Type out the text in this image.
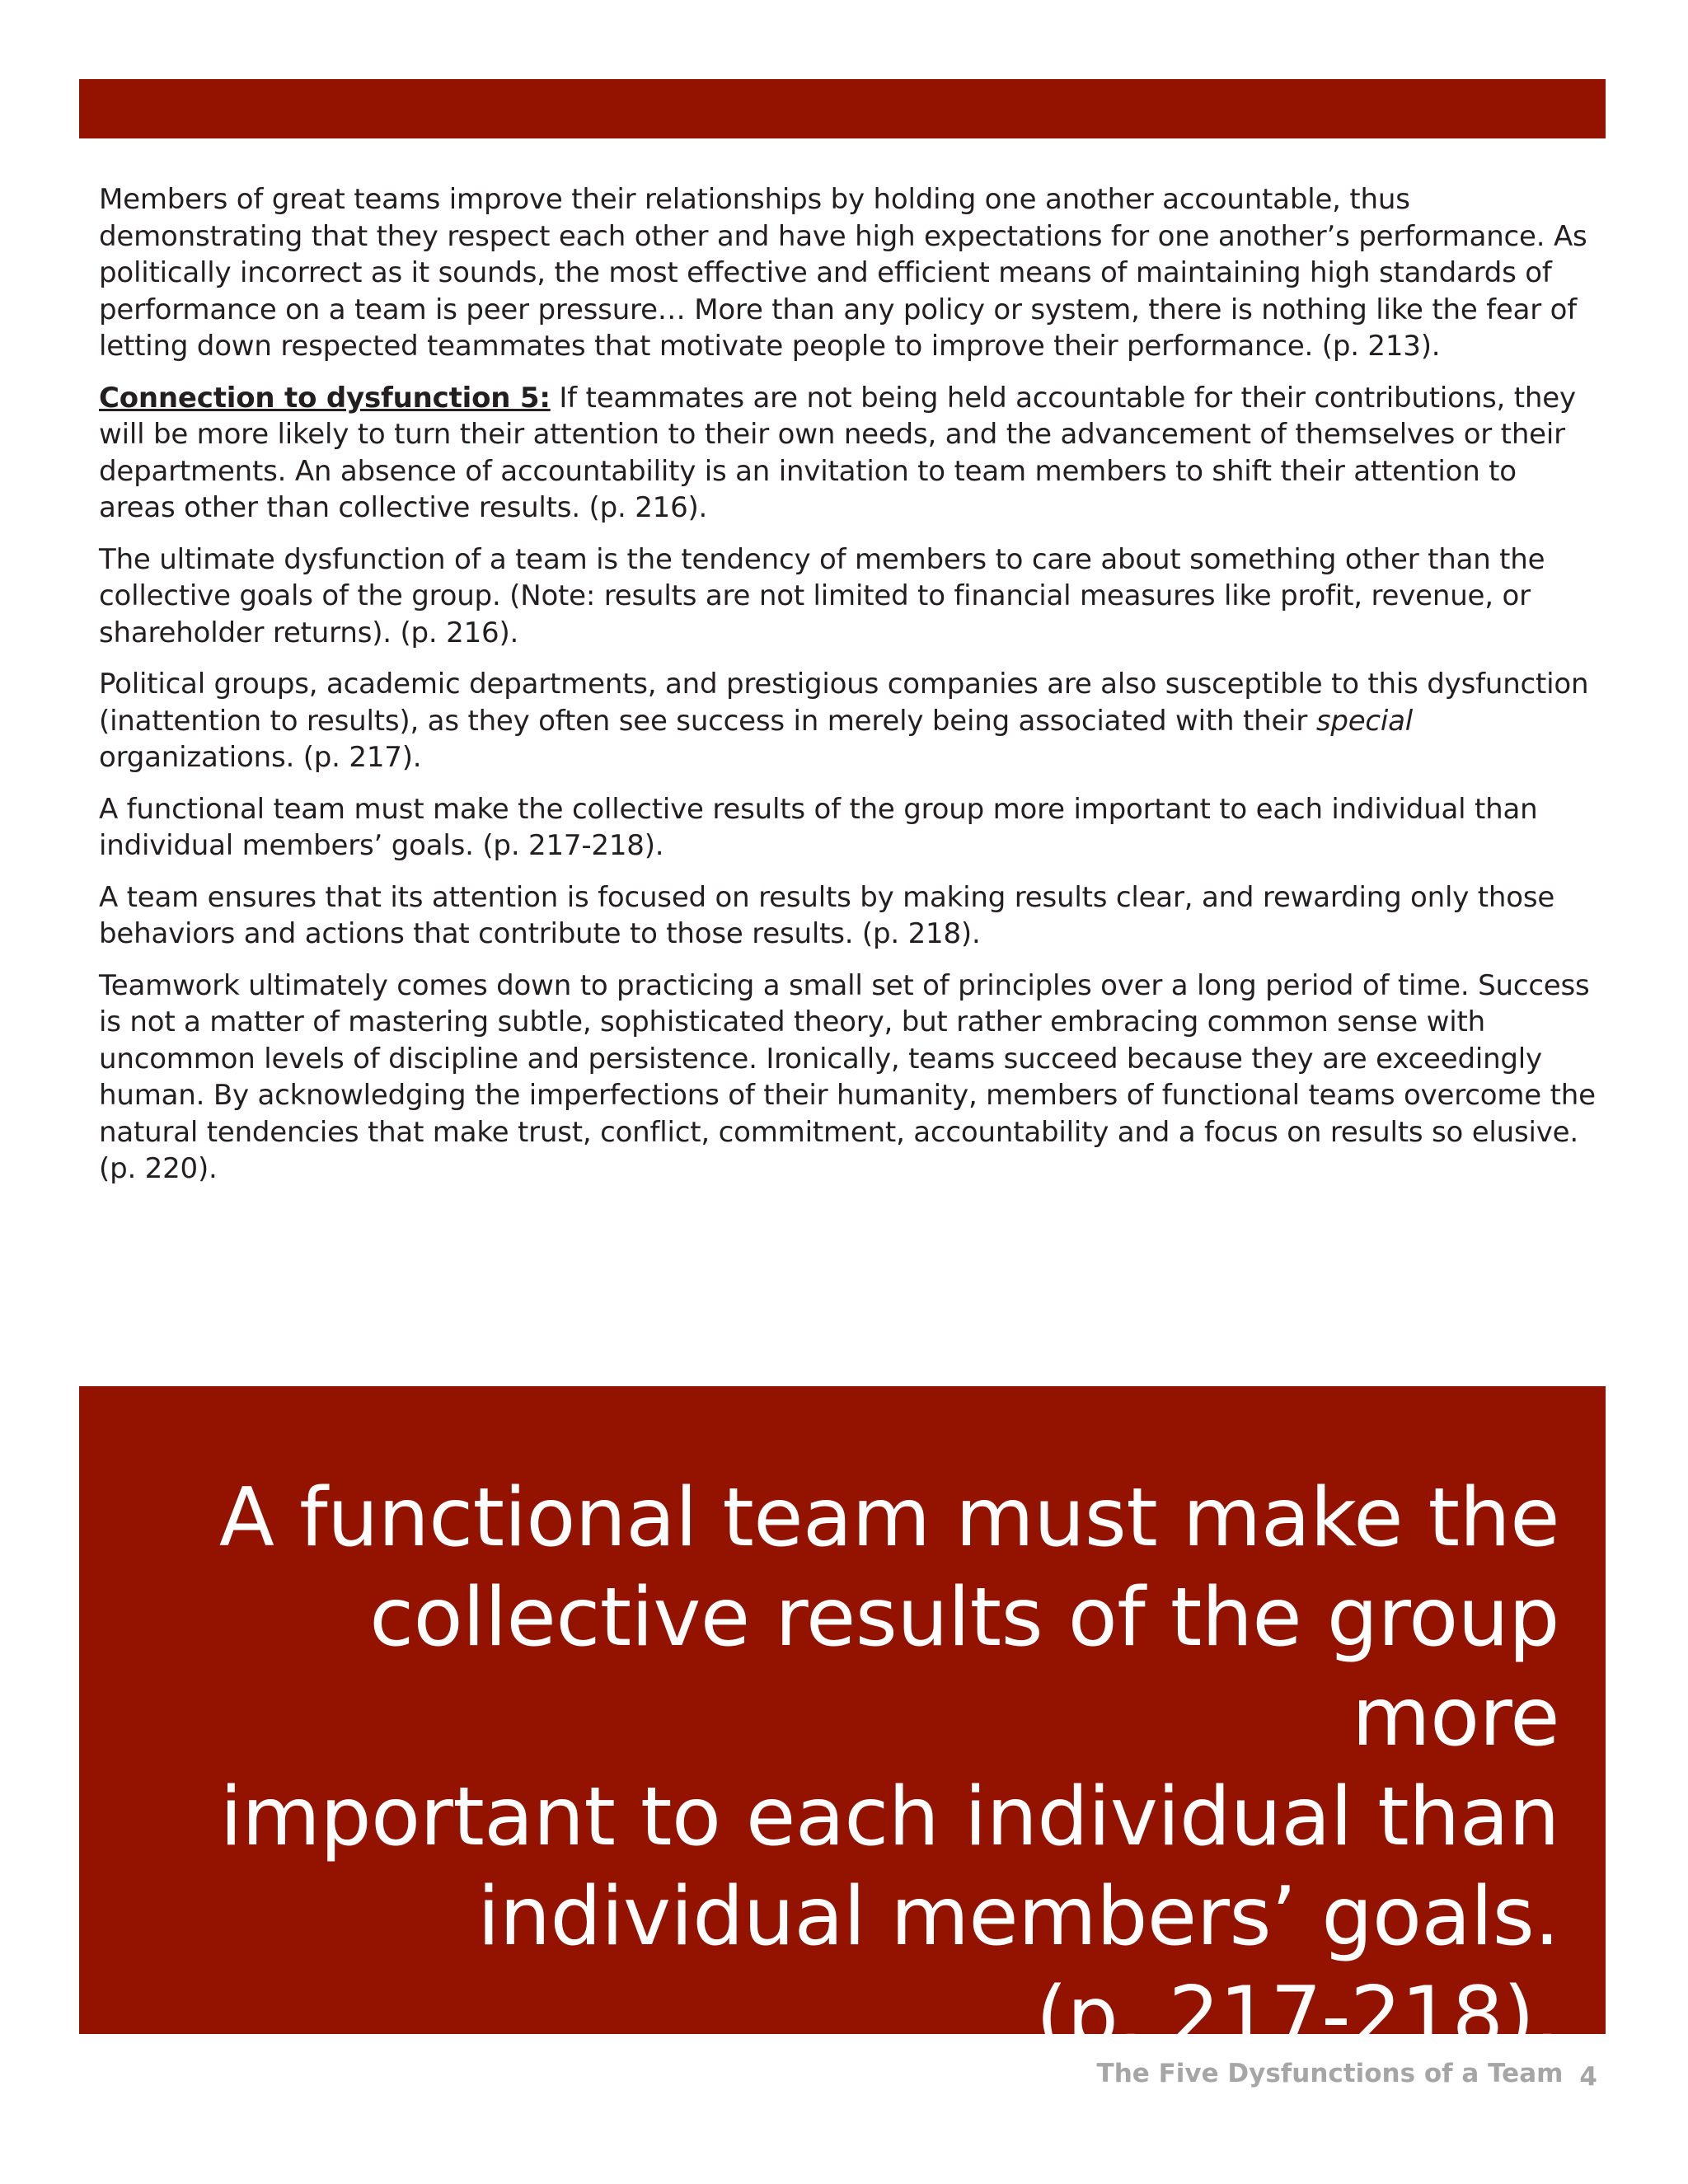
Members of great teams improve their relationships by holding one another accountable, thus demonstrating that they respect each other and have high expectations for one another’s performance. As politically incorrect as it sounds, the most effective and efficient means of maintaining high standards of performance on a team is peer pressure… More than any policy or system, there is nothing like the fear of letting down respected teammates that motivate people to improve their performance. (p. 213).

Connection to dysfunction 5: If teammates are not being held accountable for their contributions, they will be more likely to turn their attention to their own needs, and the advancement of themselves or their departments. An absence of accountability is an invitation to team members to shift their attention to areas other than collective results. (p. 216).

The ultimate dysfunction of a team is the tendency of members to care about something other than the collective goals of the group. (Note: results are not limited to financial measures like profit, revenue, or shareholder returns). (p. 216).

Political groups, academic departments, and prestigious companies are also susceptible to this dysfunction (inattention to results), as they often see success in merely being associated with their special organizations. (p. 217).

A functional team must make the collective results of the group more important to each individual than individual members’ goals. (p. 217-218).

A team ensures that its attention is focused on results by making results clear, and rewarding only those behaviors and actions that contribute to those results. (p. 218).

Teamwork ultimately comes down to practicing a small set of principles over a long period of time. Success is not a matter of mastering subtle, sophisticated theory, but rather embracing common sense with uncommon levels of discipline and persistence. Ironically, teams succeed because they are exceedingly human. By acknowledging the imperfections of their humanity, members of functional teams overcome the natural tendencies that make trust, conflict, commitment, accountability and a focus on results so elusive. (p. 220).

A functional team must make the
collective results of the group more
important to each individual than
individual members’ goals.
(p. 217-218).

The Five Dysfunctions of a Team 4
